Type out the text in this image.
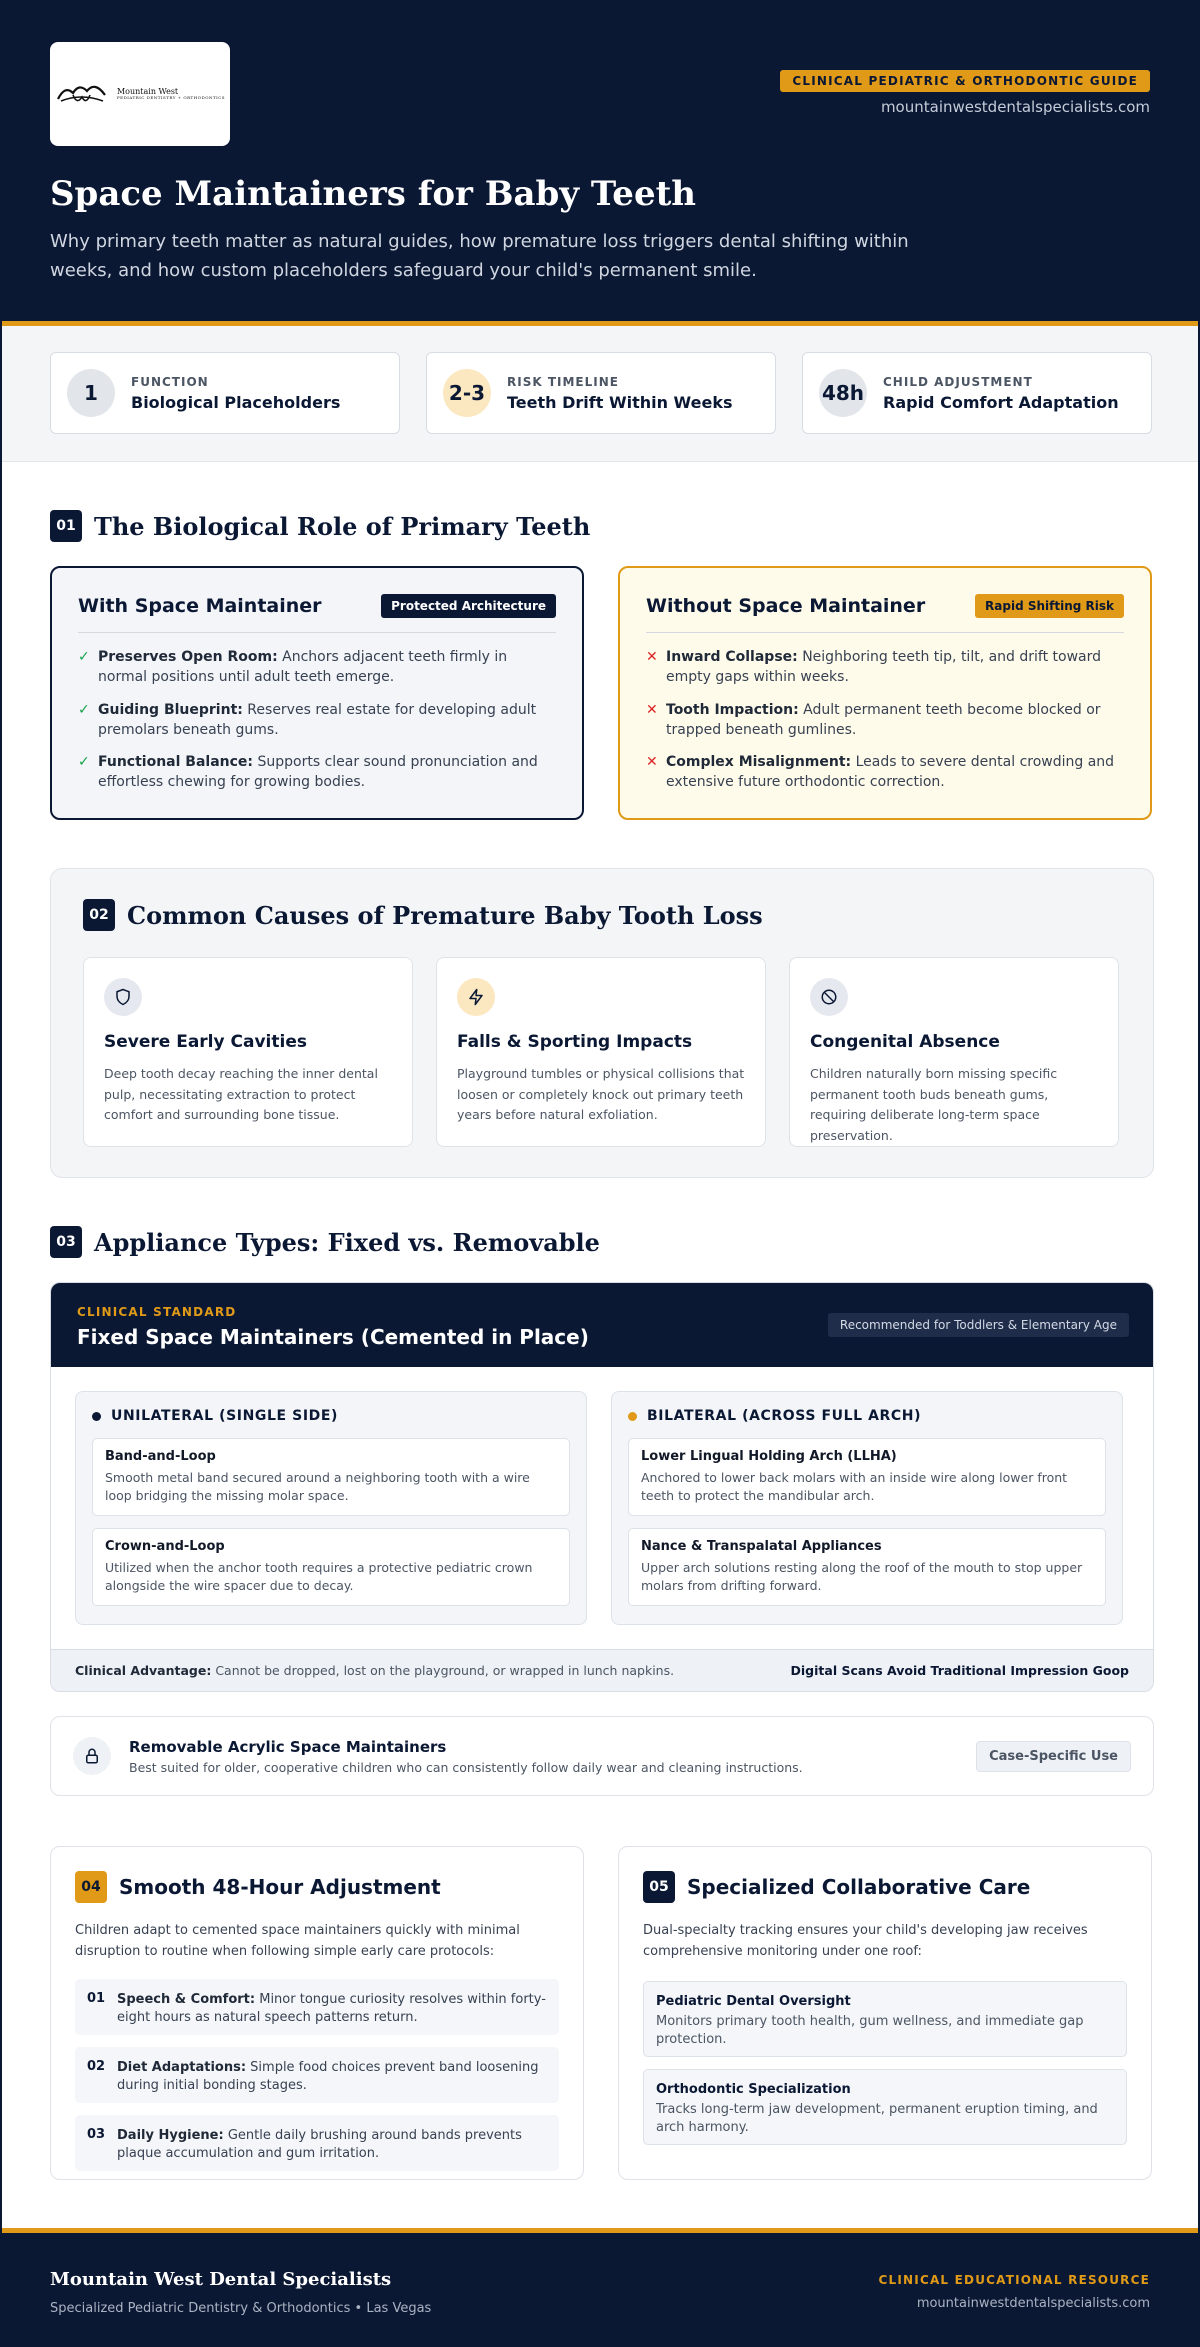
Mountain West
PEDIATRIC DENTISTRY + ORTHODONTICS
CLINICAL PEDIATRIC & ORTHODONTIC GUIDE
mountainwestdentalspecialists.com
Space Maintainers for Baby Teeth

Why primary teeth matter as natural guides, how premature loss triggers dental shifting within weeks, and how custom placeholders safeguard your child's permanent smile.

1	FUNCTION
Biological Placeholders	2-3	RISK TIMELINE
Teeth Drift Within Weeks	48h CHILD ADJUSTMENT
Rapid Comfort Adaptation
01 The Biological Role of Primary Teeth
With Space Maintainer	Protected Architecture
✓ Preserves Open Room: Anchors adjacent teeth firmly in normal positions until adult teeth emerge.
✓ Guiding Blueprint: Reserves real estate for developing adult premolars beneath gums.
✓ Functional Balance: Supports clear sound pronunciation and effortless chewing for growing bodies.
Without Space Maintainer	Rapid Shifting Risk
✕ Inward Collapse: Neighboring teeth tip, tilt, and drift toward empty gaps within weeks.
✕ Tooth Impaction: Adult permanent teeth become blocked or trapped beneath gumlines.
✕ Complex Misalignment: Leads to severe dental crowding and extensive future orthodontic correction.
02 Common Causes of Premature Baby Tooth Loss
Severe Early Cavities
Deep tooth decay reaching the inner dental pulp, necessitating extraction to protect comfort and surrounding bone tissue.
Falls & Sporting Impacts
Playground tumbles or physical collisions that loosen or completely knock out primary teeth years before natural exfoliation.
Congenital Absence
Children naturally born missing specific permanent tooth buds beneath gums, requiring deliberate long-term space preservation.
03 Appliance Types: Fixed vs. Removable
CLINICAL STANDARD
Fixed Space Maintainers (Cemented in Place)	Recommended for Toddlers & Elementary Age
UNILATERAL (SINGLE SIDE)
Band-and-Loop
Smooth metal band secured around a neighboring tooth with a wire loop bridging the missing molar space.
Crown-and-Loop
Utilized when the anchor tooth requires a protective pediatric crown alongside the wire spacer due to decay.
BILATERAL (ACROSS FULL ARCH)
Lower Lingual Holding Arch (LLHA)
Anchored to lower back molars with an inside wire along lower front teeth to protect the mandibular arch.
Nance & Transpalatal Appliances
Upper arch solutions resting along the roof of the mouth to stop upper molars from drifting forward.
Clinical Advantage: Cannot be dropped, lost on the playground, or wrapped in lunch napkins.	Digital Scans Avoid Traditional Impression Goop
Removable Acrylic Space Maintainers
Best suited for older, cooperative children who can consistently follow daily wear and cleaning instructions.
Case-Specific Use
04 Smooth 48-Hour Adjustment
Children adapt to cemented space maintainers quickly with minimal disruption to routine when following simple early care protocols:
01 Speech & Comfort: Minor tongue curiosity resolves within forty-eight hours as natural speech patterns return.
02 Diet Adaptations: Simple food choices prevent band loosening during initial bonding stages.
03 Daily Hygiene: Gentle daily brushing around bands prevents plaque accumulation and gum irritation.
05 Specialized Collaborative Care
Dual-specialty tracking ensures your child's developing jaw receives comprehensive monitoring under one roof:
Pediatric Dental Oversight
Monitors primary tooth health, gum wellness, and immediate gap protection.
Orthodontic Specialization
Tracks long-term jaw development, permanent eruption timing, and arch harmony.
Mountain West Dental Specialists
Specialized Pediatric Dentistry & Orthodontics • Las Vegas
CLINICAL EDUCATIONAL RESOURCE
mountainwestdentalspecialists.com
